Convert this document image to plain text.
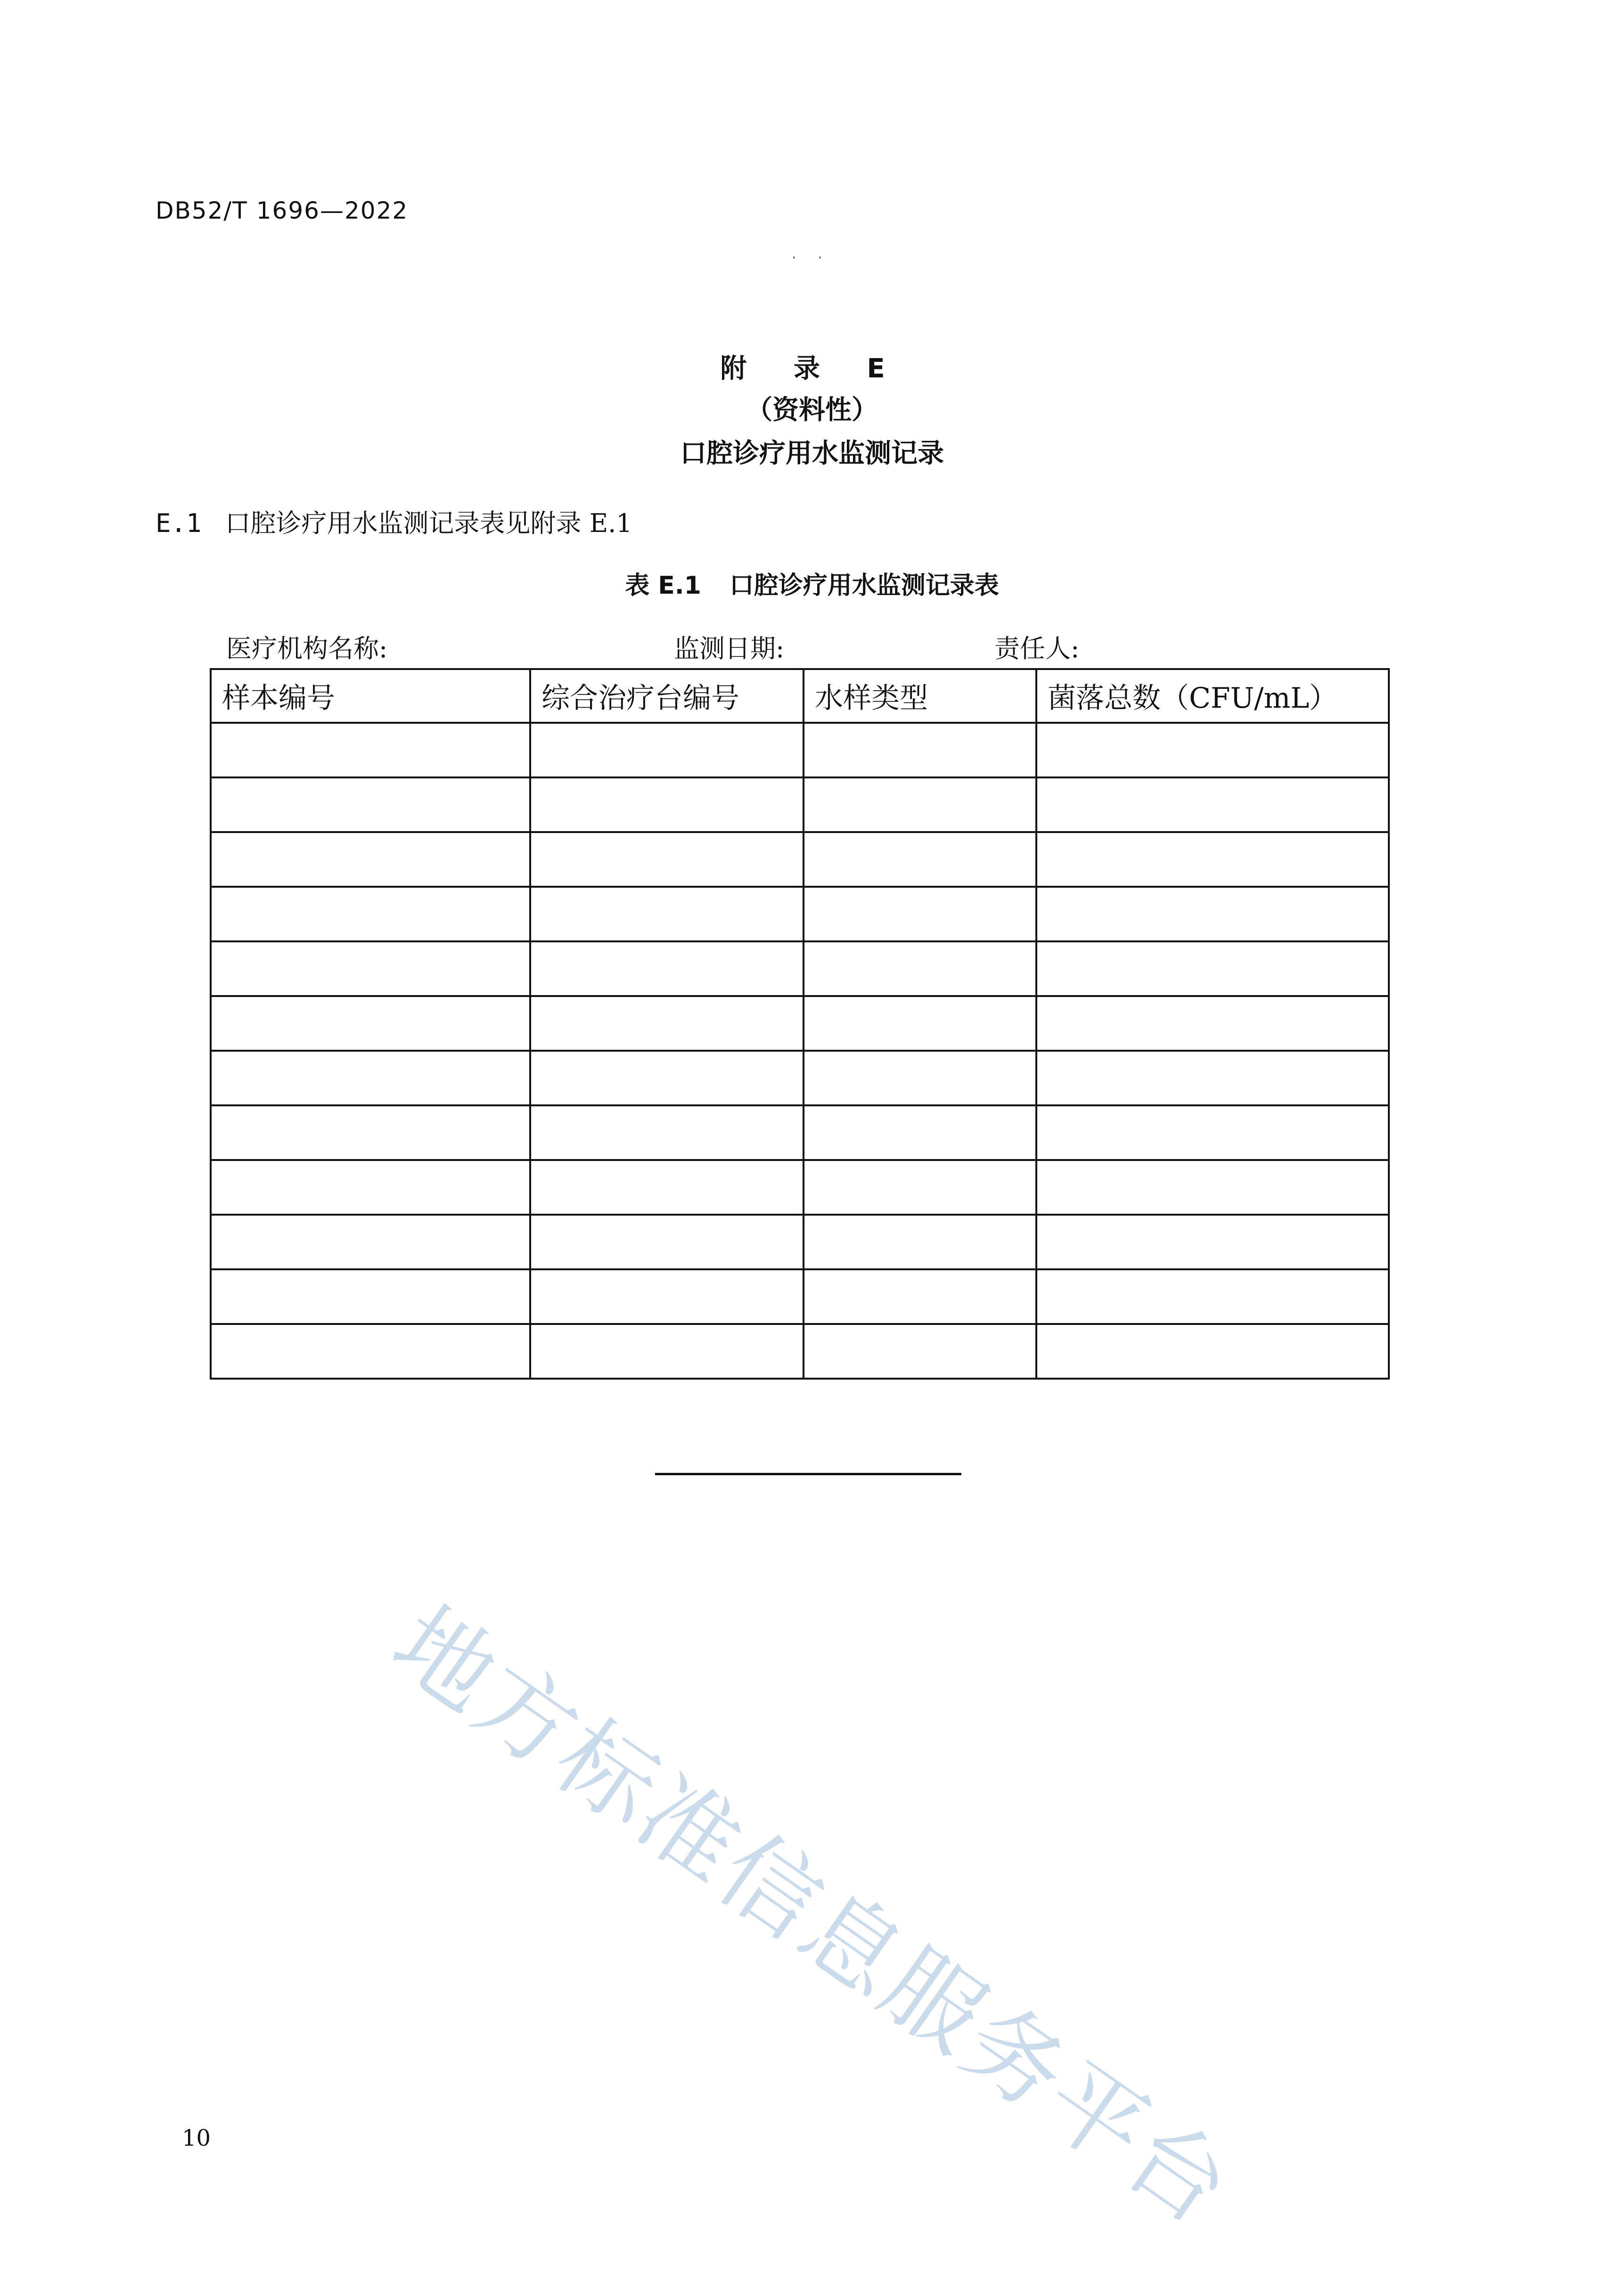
DB52/T 1696—2022
· ·
附 录 E
（资料性）
口腔诊疗用水监测记录
E.1 口腔诊疗用水监测记录表见附录 E.1
表 E.1 口腔诊疗用水监测记录表
医疗机构名称:	监测日期:	责任人:
样本编号	综合治疗台编号	水样类型	菌落总数（CFU/mL）

地方标准信息服务平台
10
